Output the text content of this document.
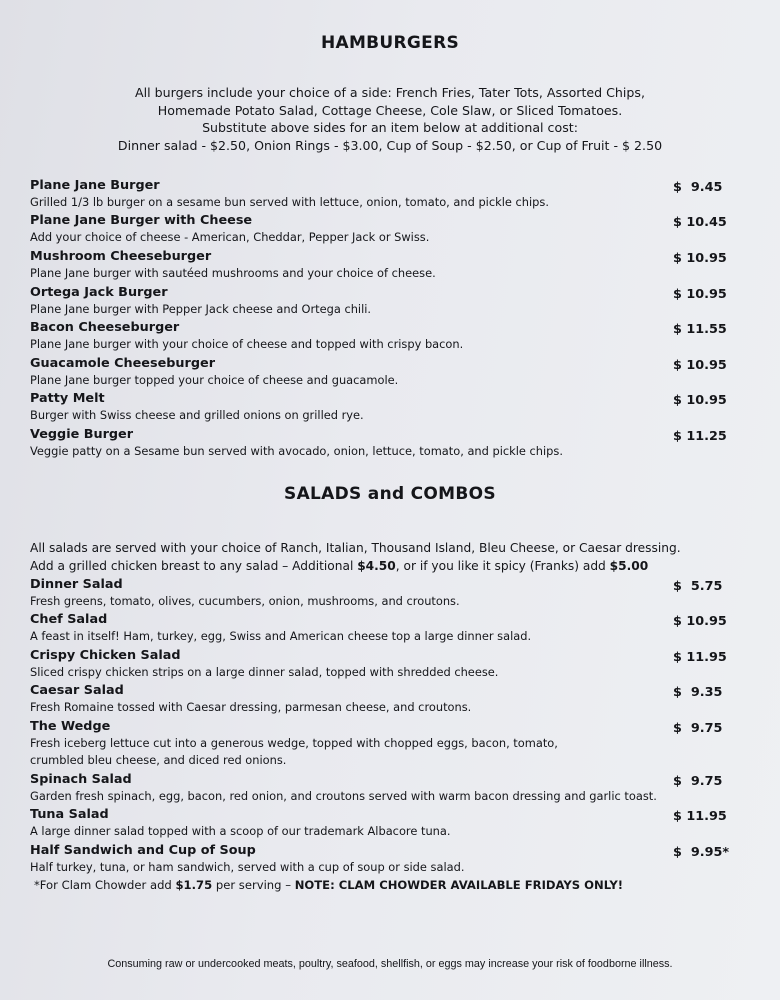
HAMBURGERS
All burgers include your choice of a side: French Fries, Tater Tots, Assorted Chips,
Homemade Potato Salad, Cottage Cheese, Cole Slaw, or Sliced Tomatoes.
Substitute above sides for an item below at additional cost:
Dinner salad - $2.50, Onion Rings - $3.00, Cup of Soup - $2.50, or Cup of Fruit - $ 2.50
Plane Jane Burger
Grilled 1/3 lb burger on a sesame bun served with lettuce, onion, tomato, and pickle chips.
$  9.45
Plane Jane Burger with Cheese
Add your choice of cheese - American, Cheddar, Pepper Jack or Swiss.
$ 10.45
Mushroom Cheeseburger
Plane Jane burger with sautéed mushrooms and your choice of cheese.
$ 10.95
Ortega Jack Burger
Plane Jane burger with Pepper Jack cheese and Ortega chili.
$ 10.95
Bacon Cheeseburger
Plane Jane burger with your choice of cheese and topped with crispy bacon.
$ 11.55
Guacamole Cheeseburger
Plane Jane burger topped your choice of cheese and guacamole.
$ 10.95
Patty Melt
Burger with Swiss cheese and grilled onions on grilled rye.
$ 10.95
Veggie Burger
Veggie patty on a Sesame bun served with avocado, onion, lettuce, tomato, and pickle chips.
$ 11.25
SALADS and COMBOS
All salads are served with your choice of Ranch, Italian, Thousand Island, Bleu Cheese, or Caesar dressing.
Add a grilled chicken breast to any salad – Additional $4.50, or if you like it spicy (Franks) add $5.00
Dinner Salad
Fresh greens, tomato, olives, cucumbers, onion, mushrooms, and croutons.
$  5.75
Chef Salad
A feast in itself! Ham, turkey, egg, Swiss and American cheese top a large dinner salad.
$ 10.95
Crispy Chicken Salad
Sliced crispy chicken strips on a large dinner salad, topped with shredded cheese.
$ 11.95
Caesar Salad
Fresh Romaine tossed with Caesar dressing, parmesan cheese, and croutons.
$  9.35
The Wedge
Fresh iceberg lettuce cut into a generous wedge, topped with chopped eggs, bacon, tomato,
crumbled bleu cheese, and diced red onions.
$  9.75
Spinach Salad
Garden fresh spinach, egg, bacon, red onion, and croutons served with warm bacon dressing and garlic toast.
$  9.75
Tuna Salad
A large dinner salad topped with a scoop of our trademark Albacore tuna.
$ 11.95
Half Sandwich and Cup of Soup
Half turkey, tuna, or ham sandwich, served with a cup of soup or side salad.
$  9.95*
*For Clam Chowder add $1.75 per serving – NOTE: CLAM CHOWDER AVAILABLE FRIDAYS ONLY!
Consuming raw or undercooked meats, poultry, seafood, shellfish, or eggs may increase your risk of foodborne illness.
